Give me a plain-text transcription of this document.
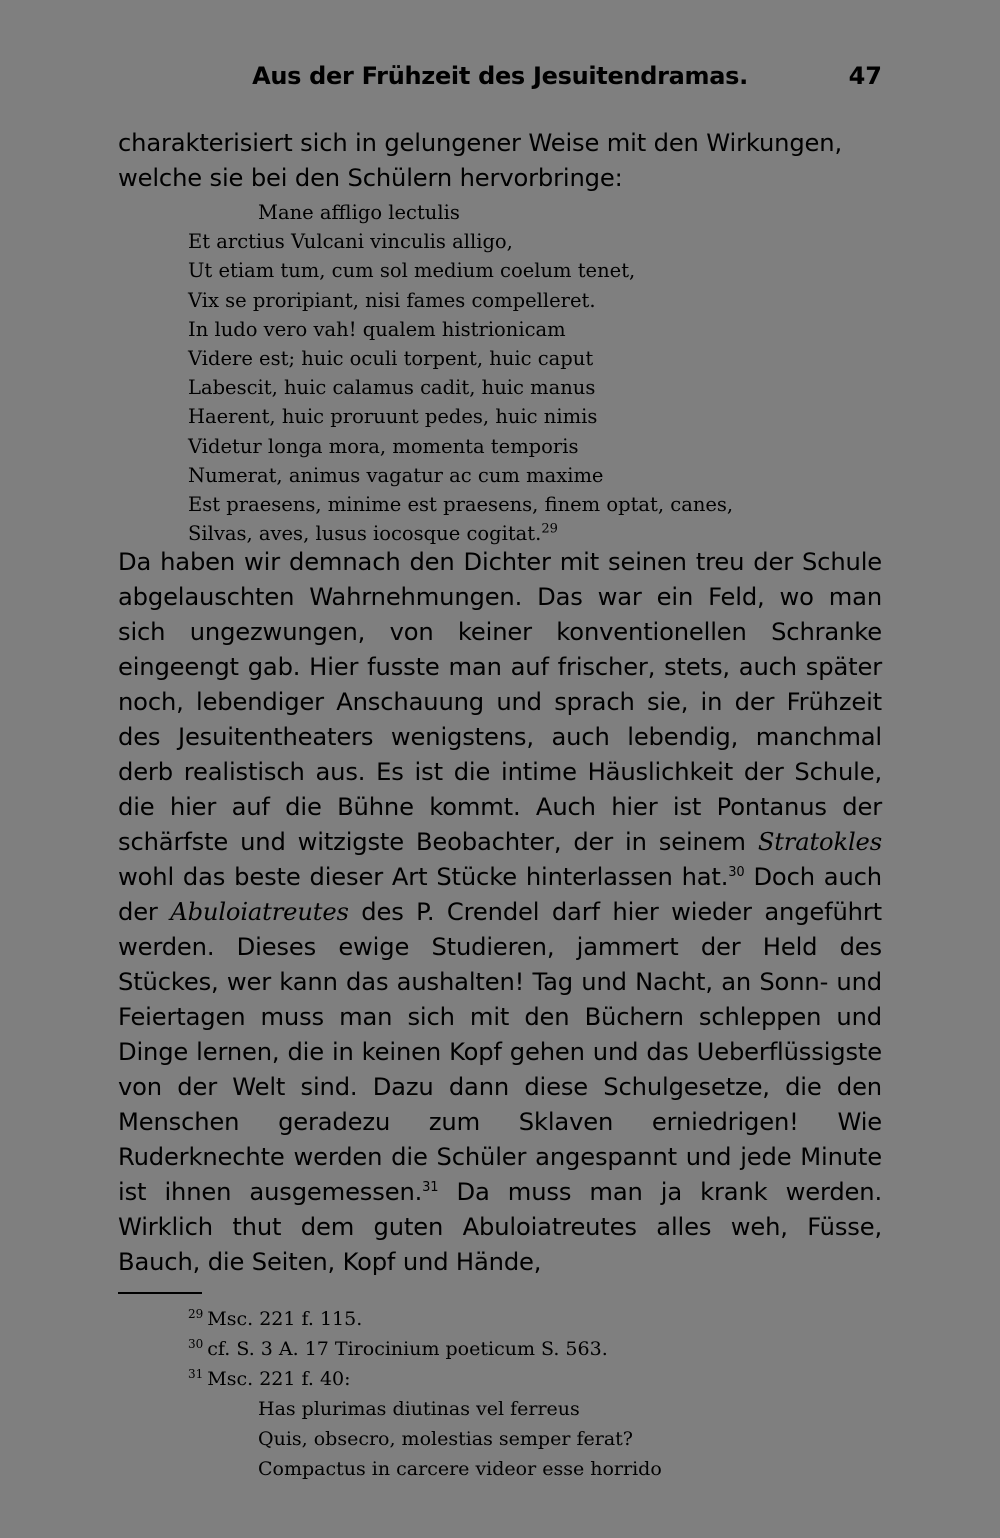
Aus der Frühzeit des Jesuitendramas.	47

charakterisiert sich in gelungener Weise mit den Wirkungen,
welche sie bei den Schülern hervorbringe:

Mane affligo lectulis
Et arctius Vulcani vinculis alligo,
Ut etiam tum, cum sol medium coelum tenet,
Vix se proripiant, nisi fames compelleret.
In ludo vero vah! qualem histrionicam
Videre est; huic oculi torpent, huic caput
Labescit, huic calamus cadit, huic manus
Haerent, huic proruunt pedes, huic nimis
Videtur longa mora, momenta temporis
Numerat, animus vagatur ac cum maxime
Est praesens, minime est praesens, finem optat, canes,
Silvas, aves, lusus iocosque cogitat.$^{29}$

Da haben wir demnach den Dichter mit seinen treu der Schule abgelauschten Wahrnehmungen. Das war ein Feld, wo man sich ungezwungen, von keiner konventionellen Schranke eingeengt gab. Hier fusste man auf frischer, stets, auch später noch, lebendiger Anschauung und sprach sie, in der Frühzeit des Jesuitentheaters wenigstens, auch lebendig, manchmal derb realistisch aus. Es ist die intime Häuslichkeit der Schule, die hier auf die Bühne kommt. Auch hier ist Pontanus der schärfste und witzigste Beobachter, der in seinem Stratokles wohl das beste dieser Art Stücke hinterlassen hat.$^{30}$ Doch auch der Abuloiatreutes des P. Crendel darf hier wieder angeführt werden. Dieses ewige Studieren, jammert der Held des Stückes, wer kann das aushalten! Tag und Nacht, an Sonn- und Feiertagen muss man sich mit den Büchern schleppen und Dinge lernen, die in keinen Kopf gehen und das Ueberflüssigste von der Welt sind. Dazu dann diese Schulgesetze, die den Menschen geradezu zum Sklaven erniedrigen! Wie Ruderknechte werden die Schüler angespannt und jede Minute ist ihnen ausgemessen.$^{31}$ Da muss man ja krank werden. Wirklich thut dem guten Abuloiatreutes alles weh, Füsse, Bauch, die Seiten, Kopf und Hände,

$^{29}$ Msc. 221 f. 115.
$^{30}$ cf. S. 3 A. 17 Tirocinium poeticum S. 563.
$^{31}$ Msc. 221 f. 40:
Has plurimas diutinas vel ferreus
Quis, obsecro, molestias semper ferat?
Compactus in carcere videor esse horrido
